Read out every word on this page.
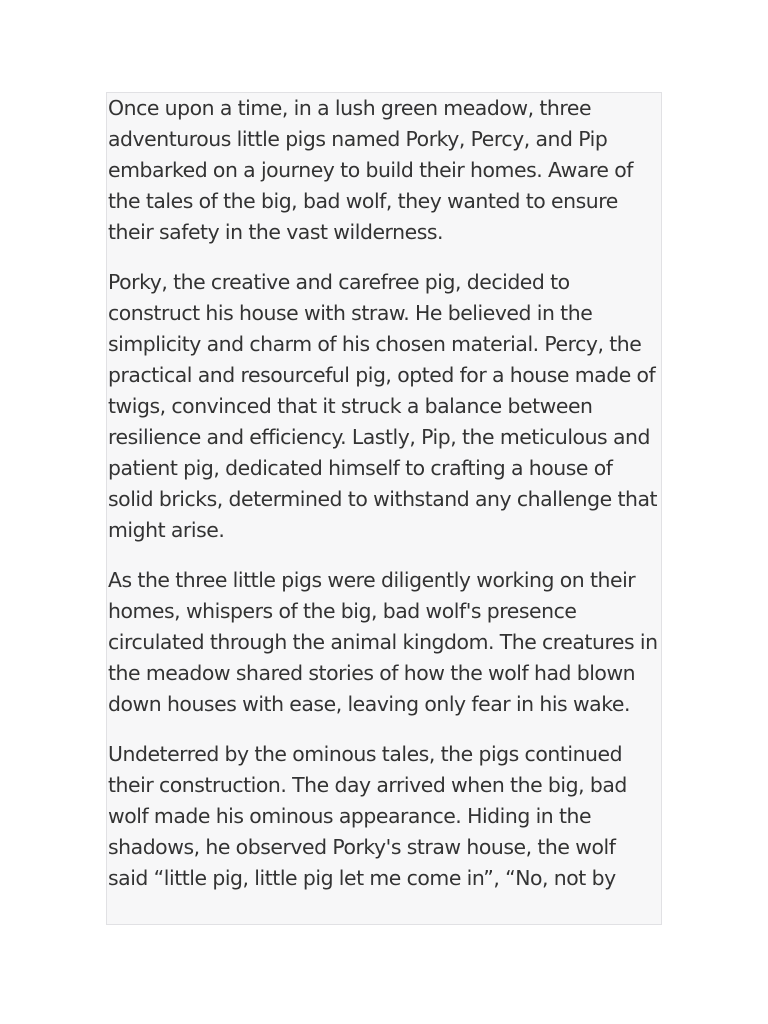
Once upon a time, in a lush green meadow, three adventurous little pigs named Porky, Percy, and Pip embarked on a journey to build their homes. Aware of the tales of the big, bad wolf, they wanted to ensure their safety in the vast wilderness.

Porky, the creative and carefree pig, decided to construct his house with straw. He believed in the simplicity and charm of his chosen material. Percy, the practical and resourceful pig, opted for a house made of twigs, convinced that it struck a balance between resilience and efficiency. Lastly, Pip, the meticulous and patient pig, dedicated himself to crafting a house of solid bricks, determined to withstand any challenge that might arise.

As the three little pigs were diligently working on their homes, whispers of the big, bad wolf's presence circulated through the animal kingdom. The creatures in the meadow shared stories of how the wolf had blown down houses with ease, leaving only fear in his wake.

Undeterred by the ominous tales, the pigs continued their construction. The day arrived when the big, bad wolf made his ominous appearance. Hiding in the shadows, he observed Porky's straw house, the wolf said “little pig, little pig let me come in”, “No, not by
